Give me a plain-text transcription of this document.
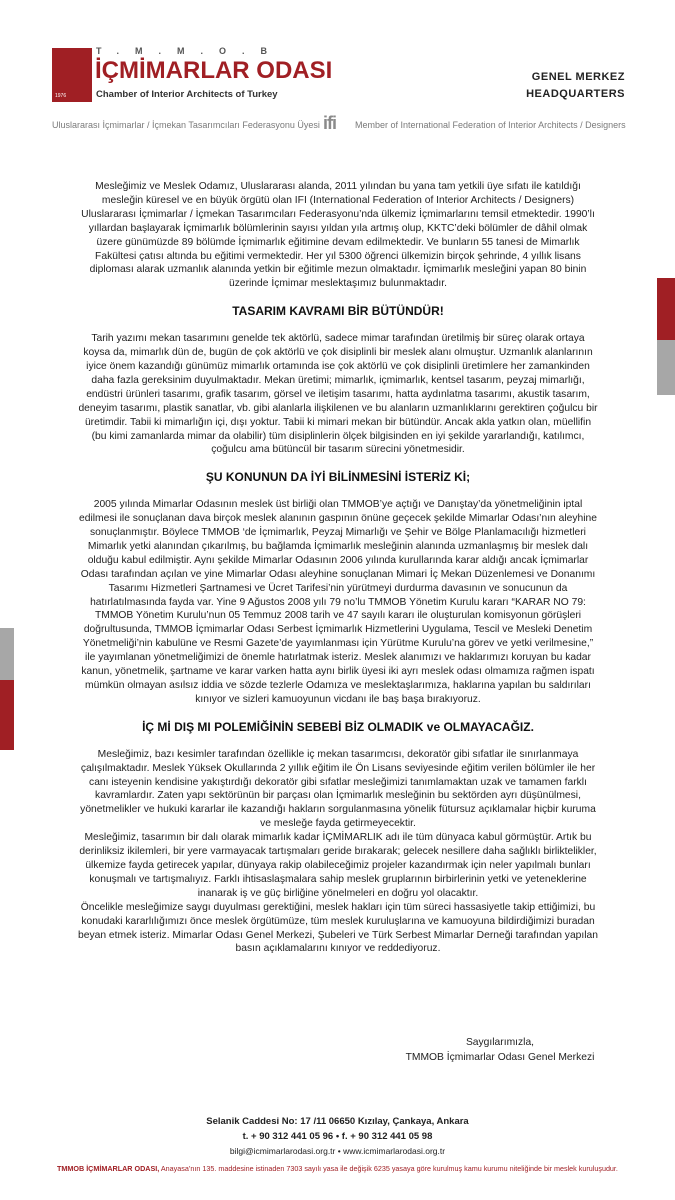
1976
T.M.M.O.B
İÇMİMARLAR ODASI
Chamber of Interior Architects of Turkey
GENEL MERKEZ
HEADQUARTERS
Uluslararası İçmimarlar / İçmekan Tasarımcıları Federasyonu Üyesi ifi Member of International Federation of Interior Architects / Designers

Mesleğimiz ve Meslek Odamız, Uluslararası alanda, 2011 yılından bu yana tam yetkili üye sıfatı ile katıldığı mesleğin küresel ve en büyük örgütü olan IFI (International Federation of Interior Architects / Designers) Uluslararası İçmimarlar / İçmekan Tasarımcıları Federasyonu’nda ülkemiz İçmimarlarını temsil etmektedir. 1990’lı yıllardan başlayarak İçmimarlık bölümlerinin sayısı yıldan yıla artmış olup, KKTC’deki bölümler de dâhil olmak üzere günümüzde 89 bölümde İçmimarlık eğitimine devam edilmektedir. Ve bunların 55 tanesi de Mimarlık Fakültesi çatısı altında bu eğitimi vermektedir. Her yıl 5300 öğrenci ülkemizin birçok şehrinde, 4 yıllık lisans diploması alarak uzmanlık alanında yetkin bir eğitimle mezun olmaktadır. İçmimarlık mesleğini yapan 80 binin üzerinde İçmimar meslektaşımız bulunmaktadır.

TASARIM KAVRAMI BİR BÜTÜNDÜR!

Tarih yazımı mekan tasarımını genelde tek aktörlü, sadece mimar tarafından üretilmiş bir süreç olarak ortaya koysa da, mimarlık dün de, bugün de çok aktörlü ve çok disiplinli bir meslek alanı olmuştur. Uzmanlık alanlarının iyice önem kazandığı günümüz mimarlık ortamında ise çok aktörlü ve çok disiplinli üretimlere her zamankinden daha fazla gereksinim duyulmaktadır. Mekan üretimi; mimarlık, içmimarlık, kentsel tasarım, peyzaj mimarlığı, endüstri ürünleri tasarımı, grafik tasarım, görsel ve iletişim tasarımı, hatta aydınlatma tasarımı, akustik tasarım, deneyim tasarımı, plastik sanatlar, vb. gibi alanlarla ilişkilenen ve bu alanların uzmanlıklarını gerektiren çoğulcu bir üretimdir. Tabii ki mimarlığın içi, dışı yoktur. Tabii ki mimari mekan bir bütündür. Ancak akla yatkın olan, müellifin (bu kimi zamanlarda mimar da olabilir) tüm disiplinlerin ölçek bilgisinden en iyi şekilde yararlandığı, katılımcı, çoğulcu ama bütüncül bir tasarım sürecini yönetmesidir.

ŞU KONUNUN DA İYİ BİLİNMESİNİ İSTERİZ Kİ;

2005 yılında Mimarlar Odasının meslek üst birliği olan TMMOB’ye açtığı ve Danıştay’da yönetmeliğinin iptal edilmesi ile sonuçlanan dava birçok meslek alanının gaspının önüne geçecek şekilde Mimarlar Odası’nın aleyhine sonuçlanmıştır. Böylece TMMOB ‘de İçmimarlık, Peyzaj Mimarlığı ve Şehir ve Bölge Planlamacılığı hizmetleri Mimarlık yetki alanından çıkarılmış, bu bağlamda İçmimarlık mesleğinin alanında uzmanlaşmış bir meslek dalı olduğu kabul edilmiştir. Aynı şekilde Mimarlar Odasının 2006 yılında kurullarında karar aldığı ancak İçmimarlar Odası tarafından açılan ve yine Mimarlar Odası aleyhine sonuçlanan Mimari İç Mekan Düzenlemesi ve Donanımı Tasarımı Hizmetleri Şartnamesi ve Ücret Tarifesi’nin yürütmeyi durdurma davasının ve sonucunun da hatırlatılmasında fayda var. Yine 9 Ağustos 2008 yılı 79 no’lu TMMOB Yönetim Kurulu kararı “KARAR NO 79: TMMOB Yönetim Kurulu’nun 05 Temmuz 2008 tarih ve 47 sayılı kararı ile oluşturulan komisyonun görüşleri doğrultusunda, TMMOB İçmimarlar Odası Serbest İçmimarlık Hizmetlerini Uygulama, Tescil ve Mesleki Denetim Yönetmeliği’nin kabulüne ve Resmi Gazete’de yayımlanması için Yürütme Kurulu’na görev ve yetki verilmesine,” ile yayımlanan yönetmeliğimizi de önemle hatırlatmak isteriz. Meslek alanımızı ve haklarımızı koruyan bu kadar kanun, yönetmelik, şartname ve karar varken hatta aynı birlik üyesi iki ayrı meslek odası olmamıza rağmen ispatı mümkün olmayan asılsız iddia ve sözde tezlerle Odamıza ve meslektaşlarımıza, haklarına yapılan bu saldırıları kınıyor ve sizleri kamuoyunun vicdanı ile baş başa bırakıyoruz.

İÇ Mİ DIŞ MI POLEMİĞİNİN SEBEBİ BİZ OLMADIK ve OLMAYACAĞIZ.

Mesleğimiz, bazı kesimler tarafından özellikle iç mekan tasarımcısı, dekoratör gibi sıfatlar ile sınırlanmaya çalışılmaktadır. Meslek Yüksek Okullarında 2 yıllık eğitim ile Ön Lisans seviyesinde eğitim verilen bölümler ile her canı isteyenin kendisine yakıştırdığı dekoratör gibi sıfatlar mesleğimizi tanımlamaktan uzak ve tamamen farklı kavramlardır. Zaten yapı sektörünün bir parçası olan İçmimarlık mesleğinin bu sektörden ayrı düşünülmesi, yönetmelikler ve hukuki kararlar ile kazandığı hakların sorgulanmasına yönelik fütursuz açıklamalar hiçbir kuruma ve mesleğe fayda getirmeyecektir.

Mesleğimiz, tasarımın bir dalı olarak mimarlık kadar İÇMİMARLIK adı ile tüm dünyaca kabul görmüştür. Artık bu derinliksiz ikilemleri, bir yere varmayacak tartışmaları geride bırakarak; gelecek nesillere daha sağlıklı birliktelikler, ülkemize fayda getirecek yapılar, dünyaya rakip olabileceğimiz projeler kazandırmak için neler yapılmalı bunları konuşmalı ve tartışmalıyız. Farklı ihtisaslaşmalara sahip meslek gruplarının birbirlerinin yetki ve yeteneklerine inanarak iş ve güç birliğine yönelmeleri en doğru yol olacaktır.

Öncelikle mesleğimize saygı duyulması gerektiğini, meslek hakları için tüm süreci hassasiyetle takip ettiğimizi, bu konudaki kararlılığımızı önce meslek örgütümüze, tüm meslek kuruluşlarına ve kamuoyuna bildirdiğimizi buradan beyan etmek isteriz. Mimarlar Odası Genel Merkezi, Şubeleri ve Türk Serbest Mimarlar Derneği tarafından yapılan basın açıklamalarını kınıyor ve reddediyoruz.

Saygılarımızla,
TMMOB İçmimarlar Odası Genel Merkezi
Selanik Caddesi No: 17 /11 06650 Kızılay, Çankaya, Ankara
t. + 90 312 441 05 96 • f. + 90 312 441 05 98
bilgi@icmimarlarodasi.org.tr • www.icmimarlarodasi.org.tr
TMMOB İÇMİMARLAR ODASI, Anayasa’nın 135. maddesine istinaden 7303 sayılı yasa ile değişik 6235 yasaya göre kurulmuş kamu kurumu niteliğinde bir meslek kuruluşudur.
